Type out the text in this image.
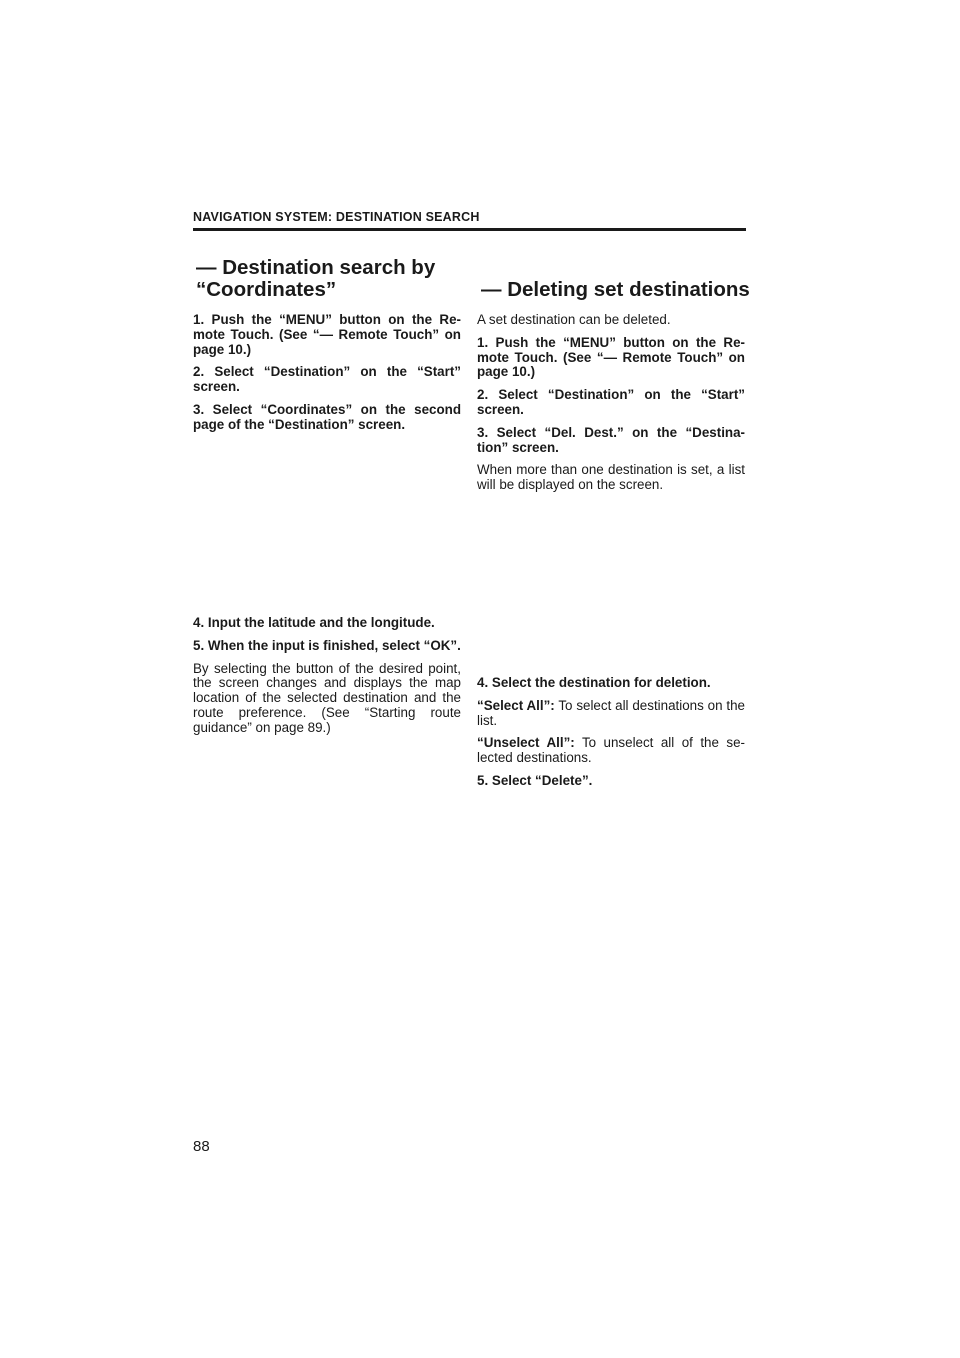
NAVIGATION SYSTEM: DESTINATION SEARCH
— Destination search by
“Coordinates”	— Deleting set destinations

1. Push the “MENU” button on the Re-mote Touch. (See “— Remote Touch” on page 10.)

2. Select “Destination” on the “Start” screen.

3. Select “Coordinates” on the second page of the “Destination” screen.

4. Input the latitude and the longitude.

5. When the input is finished, select “OK”.

By selecting the button of the desired point, the screen changes and displays the map location of the selected destination and the route preference. (See “Starting route guidance” on page 89.)

A set destination can be deleted.

1. Push the “MENU” button on the Re-mote Touch. (See “— Remote Touch” on page 10.)

2. Select “Destination” on the “Start” screen.

3. Select “Del. Dest.” on the “Destina-tion” screen.

When more than one destination is set, a list will be displayed on the screen.

4. Select the destination for deletion.

“Select All”: To select all destinations on the list.

“Unselect All”: To unselect all of the se-lected destinations.

5. Select “Delete”.

88
